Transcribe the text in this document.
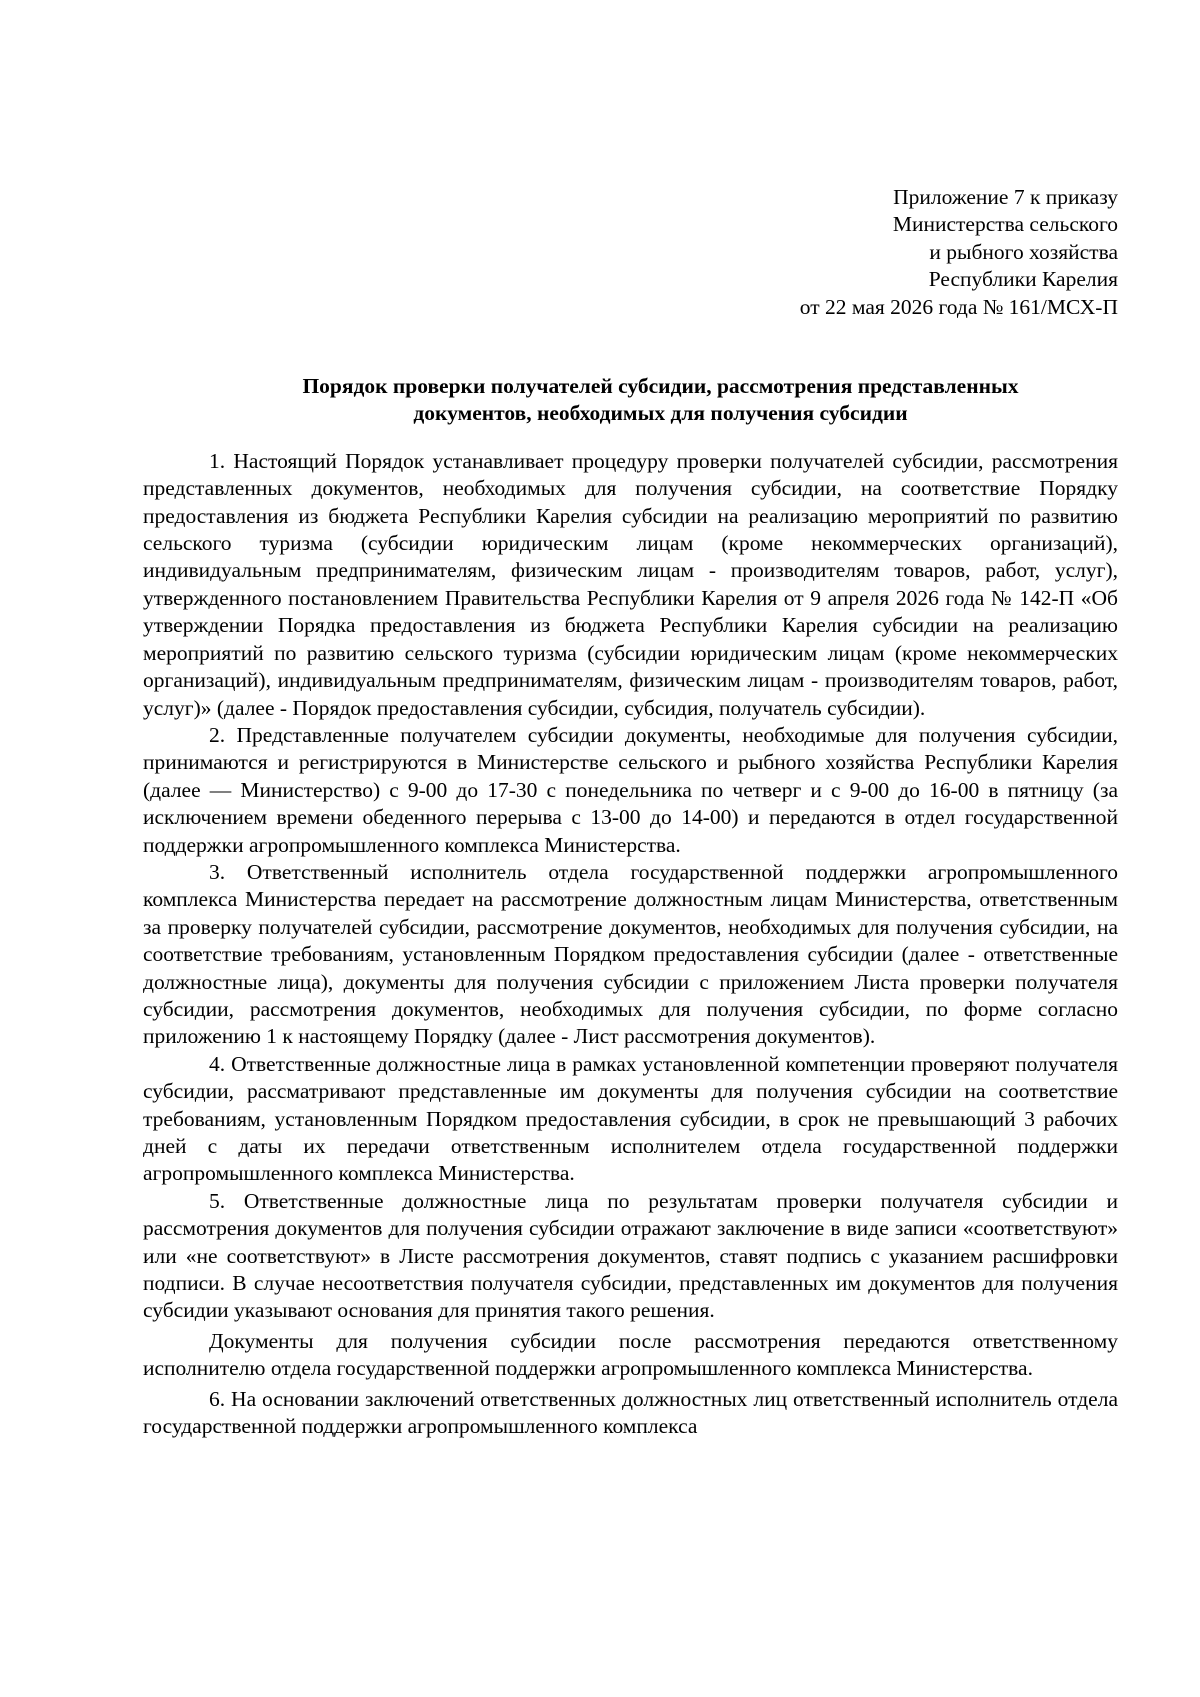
Приложение 7 к приказу
Министерства сельского
и рыбного хозяйства
Республики Карелия
от 22 мая 2026 года № 161/МСХ-П
Порядок проверки получателей субсидии, рассмотрения представленных
документов, необходимых для получения субсидии

1. Настоящий Порядок устанавливает процедуру проверки получателей субсидии, рассмотрения представленных документов, необходимых для получения субсидии, на соответствие Порядку предоставления из бюджета Республики Карелия субсидии на реализацию мероприятий по развитию сельского туризма (субсидии юридическим лицам (кроме некоммерческих организаций), индивидуальным предпринимателям, физическим лицам - производителям товаров, работ, услуг), утвержденного постановлением Правительства Республики Карелия от 9 апреля 2026 года № 142-П «Об утверждении Порядка предоставления из бюджета Республики Карелия субсидии на реализацию мероприятий по развитию сельского туризма (субсидии юридическим лицам (кроме некоммерческих организаций), индивидуальным предпринимателям, физическим лицам - производителям товаров, работ, услуг)» (далее - Порядок предоставления субсидии, субсидия, получатель субсидии).

2. Представленные получателем субсидии документы, необходимые для получения субсидии, принимаются и регистрируются в Министерстве сельского и рыбного хозяйства Республики Карелия (далее — Министерство) с 9-00 до 17-30 с понедельника по четверг и с 9-00 до 16-00 в пятницу (за исключением времени обеденного перерыва с 13-00 до 14-00) и передаются в отдел государственной поддержки агропромышленного комплекса Министерства.

3. Ответственный исполнитель отдела государственной поддержки агропромышленного комплекса Министерства передает на рассмотрение должностным лицам Министерства, ответственным за проверку получателей субсидии, рассмотрение документов, необходимых для получения субсидии, на соответствие требованиям, установленным Порядком предоставления субсидии (далее - ответственные должностные лица), документы для получения субсидии с приложением Листа проверки получателя субсидии, рассмотрения документов, необходимых для получения субсидии, по форме согласно приложению 1 к настоящему Порядку (далее - Лист рассмотрения документов).

4. Ответственные должностные лица в рамках установленной компетенции проверяют получателя субсидии, рассматривают представленные им документы для получения субсидии на соответствие требованиям, установленным Порядком предоставления субсидии, в срок не превышающий 3 рабочих дней с даты их передачи ответственным исполнителем отдела государственной поддержки агропромышленного комплекса Министерства.

5. Ответственные должностные лица по результатам проверки получателя субсидии и рассмотрения документов для получения субсидии отражают заключение в виде записи «соответствуют» или «не соответствуют» в Листе рассмотрения документов, ставят подпись с указанием расшифровки подписи. В случае несоответствия получателя субсидии, представленных им документов для получения субсидии указывают основания для принятия такого решения.

Документы для получения субсидии после рассмотрения передаются ответственному исполнителю отдела государственной поддержки агропромышленного комплекса Министерства.

6. На основании заключений ответственных должностных лиц ответственный исполнитель отдела государственной поддержки агропромышленного комплекса
